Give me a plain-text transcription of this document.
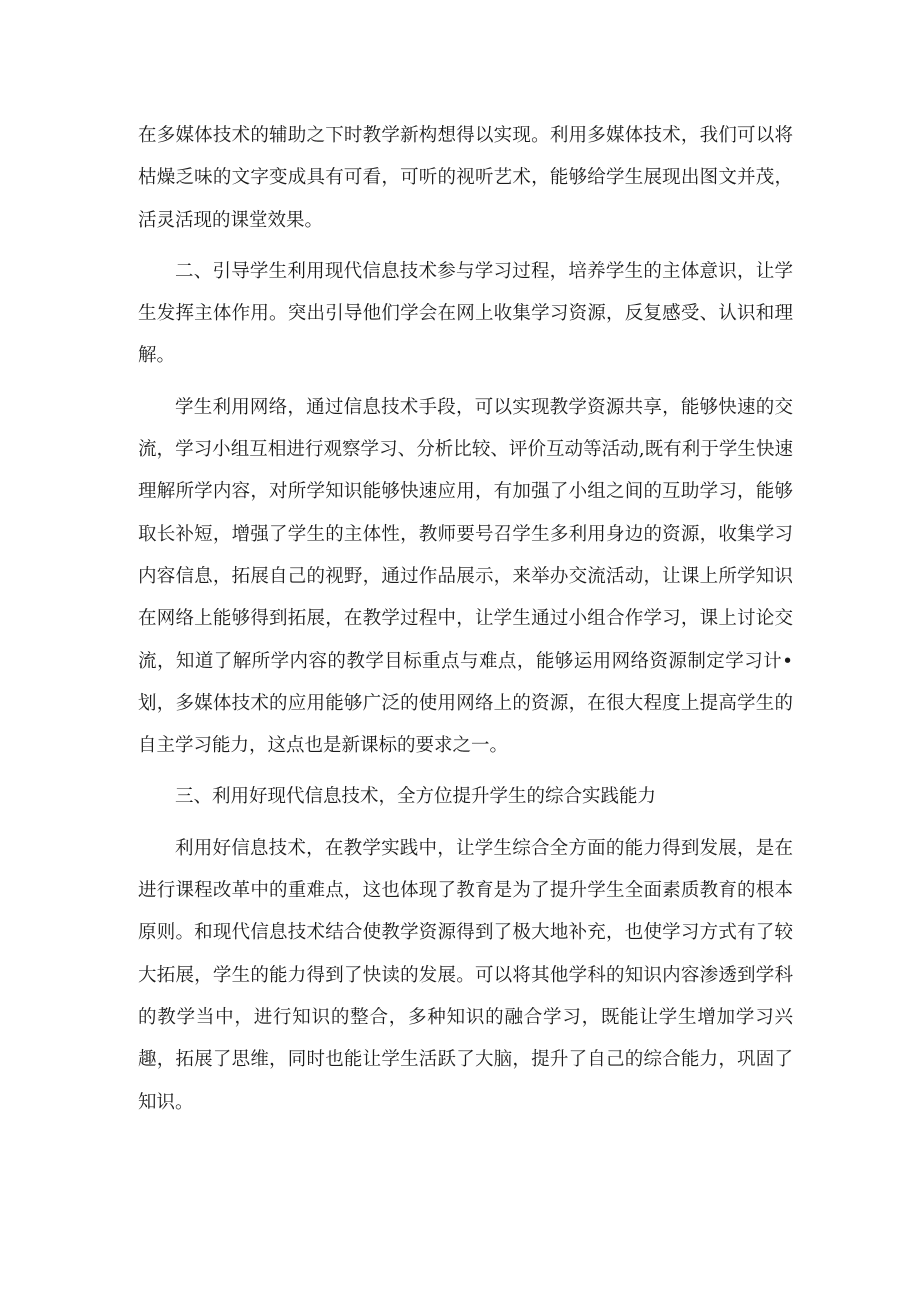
在多媒体技术的辅助之下时教学新构想得以实现。利用多媒体技术，我们可以将枯燥乏味的文字变成具有可看，可听的视听艺术，能够给学生展现出图文并茂，活灵活现的课堂效果。

二、引导学生利用现代信息技术参与学习过程，培养学生的主体意识，让学生发挥主体作用。突出引导他们学会在网上收集学习资源，反复感受、认识和理解。

学生利用网络，通过信息技术手段，可以实现教学资源共享，能够快速的交流，学习小组互相进行观察学习、分析比较、评价互动等活动,既有利于学生快速理解所学内容，对所学知识能够快速应用，有加强了小组之间的互助学习，能够取长补短，增强了学生的主体性，教师要号召学生多利用身边的资源，收集学习内容信息，拓展自己的视野，通过作品展示，来举办交流活动，让课上所学知识在网络上能够得到拓展，在教学过程中，让学生通过小组合作学习，课上讨论交流，知道了解所学内容的教学目标重点与难点，能够运用网络资源制定学习计•划，多媒体技术的应用能够广泛的使用网络上的资源，在很大程度上提高学生的自主学习能力，这点也是新课标的要求之一。

三、利用好现代信息技术，全方位提升学生的综合实践能力

利用好信息技术，在教学实践中，让学生综合全方面的能力得到发展，是在进行课程改革中的重难点，这也体现了教育是为了提升学生全面素质教育的根本原则。和现代信息技术结合使教学资源得到了极大地补充，也使学习方式有了较大拓展，学生的能力得到了快读的发展。可以将其他学科的知识内容渗透到学科的教学当中，进行知识的整合，多种知识的融合学习，既能让学生增加学习兴趣，拓展了思维，同时也能让学生活跃了大脑，提升了自己的综合能力，巩固了知识。
